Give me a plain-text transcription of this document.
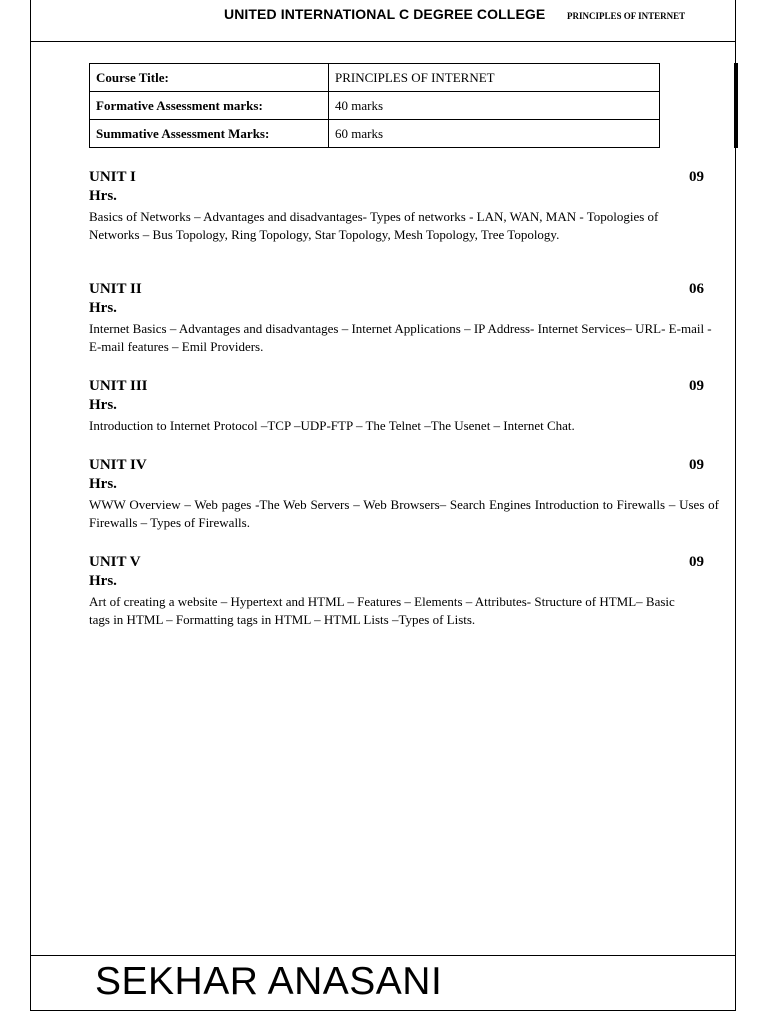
UNITED INTERNATIONAL C DEGREE COLLEGE PRINCIPLES OF INTERNET
Course Title:	PRINCIPLES OF INTERNET
Formative Assessment marks:	40 marks
Summative Assessment Marks:	60 marks
UNIT I	09
Hrs.
Basics of Networks – Advantages and disadvantages- Types of networks - LAN, WAN, MAN - Topologies of Networks – Bus Topology, Ring Topology, Star Topology, Mesh Topology, Tree Topology.
UNIT II	06
Hrs.
Internet Basics – Advantages and disadvantages – Internet Applications – IP Address- Internet Services– URL- E-mail - E-mail features – Emil Providers.
UNIT III	09
Hrs.
Introduction to Internet Protocol –TCP –UDP-FTP – The Telnet –The Usenet – Internet Chat.
UNIT IV	09
Hrs.
WWW Overview – Web pages -The Web Servers – Web Browsers– Search Engines Introduction to Firewalls – Uses of Firewalls – Types of Firewalls.
UNIT V	09
Hrs.
Art of creating a website – Hypertext and HTML – Features – Elements – Attributes- Structure of HTML– Basic tags in HTML – Formatting tags in HTML – HTML Lists –Types of Lists.
SEKHAR ANASANI
